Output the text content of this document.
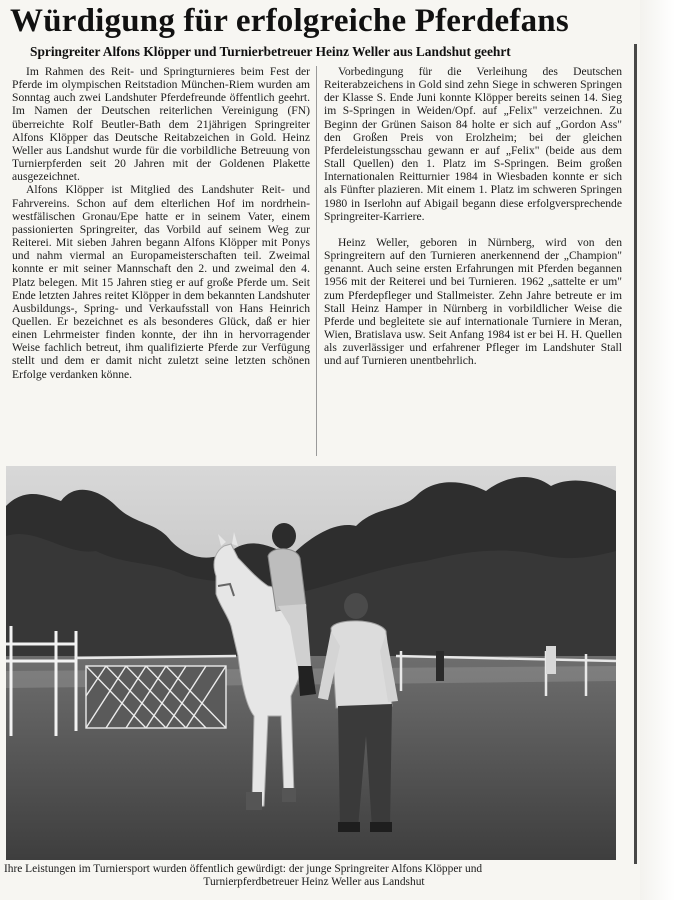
Würdigung für erfolgreiche Pferdefans
Springreiter Alfons Klöpper und Turnierbetreuer Heinz Weller aus Landshut geehrt

Im Rahmen des Reit- und Springturnieres beim Fest der Pferde im olympischen Reitstadion München-Riem wurden am Sonntag auch zwei Landshuter Pferdefreunde öffentlich geehrt. Im Namen der Deutschen reiterlichen Vereinigung (FN) überreichte Rolf Beutler-Bath dem 21jährigen Springreiter Alfons Klöpper das Deutsche Reitabzeichen in Gold. Heinz Weller aus Landshut wurde für die vorbildliche Betreuung von Turnierpferden seit 20 Jahren mit der Goldenen Plakette ausgezeichnet.

Alfons Klöpper ist Mitglied des Landshuter Reit- und Fahrvereins. Schon auf dem elterlichen Hof im nordrhein-westfälischen Gronau/Epe hatte er in seinem Vater, einem passionierten Springreiter, das Vorbild auf seinem Weg zur Reiterei. Mit sieben Jahren begann Alfons Klöpper mit Ponys und nahm viermal an Europameisterschaften teil. Zweimal konnte er mit seiner Mannschaft den 2. und zweimal den 4. Platz belegen. Mit 15 Jahren stieg er auf große Pferde um. Seit Ende letzten Jahres reitet Klöpper in dem bekannten Landshuter Ausbildungs-, Spring- und Verkaufsstall von Hans Heinrich Quellen. Er bezeichnet es als besonderes Glück, daß er hier einen Lehrmeister finden konnte, der ihn in hervorragender Weise fachlich betreut, ihm qualifizierte Pferde zur Verfügung stellt und dem er damit nicht zuletzt seine letzten schönen Erfolge verdanken könne.

Vorbedingung für die Verleihung des Deutschen Reiterabzeichens in Gold sind zehn Siege in schweren Springen der Klasse S. Ende Juni konnte Klöpper bereits seinen 14. Sieg im S-Springen in Weiden/Opf. auf „Felix" verzeichnen. Zu Beginn der Grünen Saison 84 holte er sich auf „Gordon Ass" den Großen Preis von Erolzheim; bei der gleichen Pferdeleistungsschau gewann er auf „Felix" (beide aus dem Stall Quellen) den 1. Platz im S-Springen. Beim großen Internationalen Reitturnier 1984 in Wiesbaden konnte er sich als Fünfter plazieren. Mit einem 1. Platz im schweren Springen 1980 in Iserlohn auf Abigail begann diese erfolgversprechende Springreiter-Karriere.

Heinz Weller, geboren in Nürnberg, wird von den Springreitern auf den Turnieren anerkennend der „Champion" genannt. Auch seine ersten Erfahrungen mit Pferden begannen 1956 mit der Reiterei und bei Turnieren. 1962 „sattelte er um" zum Pferdepfleger und Stallmeister. Zehn Jahre betreute er im Stall Heinz Hamper in Nürnberg in vorbildlicher Weise die Pferde und begleitete sie auf internationale Turniere in Meran, Wien, Bratislava usw. Seit Anfang 1984 ist er bei H. H. Quellen als zuverlässiger und erfahrener Pfleger im Landshuter Stall und auf Turnieren unentbehrlich.

Ihre Leistungen im Turniersport wurden öffentlich gewürdigt: der junge Springreiter Alfons Klöpper und
Turnierpferdbetreuer Heinz Weller aus Landshut
